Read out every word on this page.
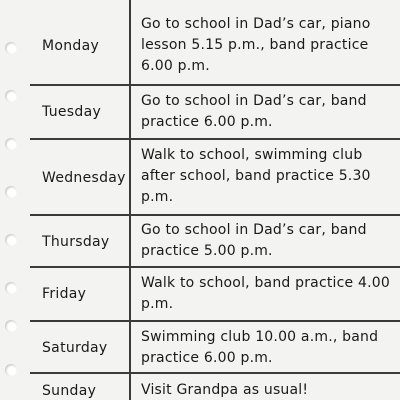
Monday
Go to school in Dad’s car, piano lesson 5.15 p.m., band practice 6.00 p.m.
Tuesday
Go to school in Dad’s car, band practice 6.00 p.m.
Wednesday
Walk to school, swimming club after school, band practice 5.30 p.m.
Thursday
Go to school in Dad’s car, band practice 5.00 p.m.
Friday
Walk to school, band practice 4.00 p.m.
Saturday
Swimming club 10.00 a.m., band practice 6.00 p.m.
Sunday	Visit Grandpa as usual!
